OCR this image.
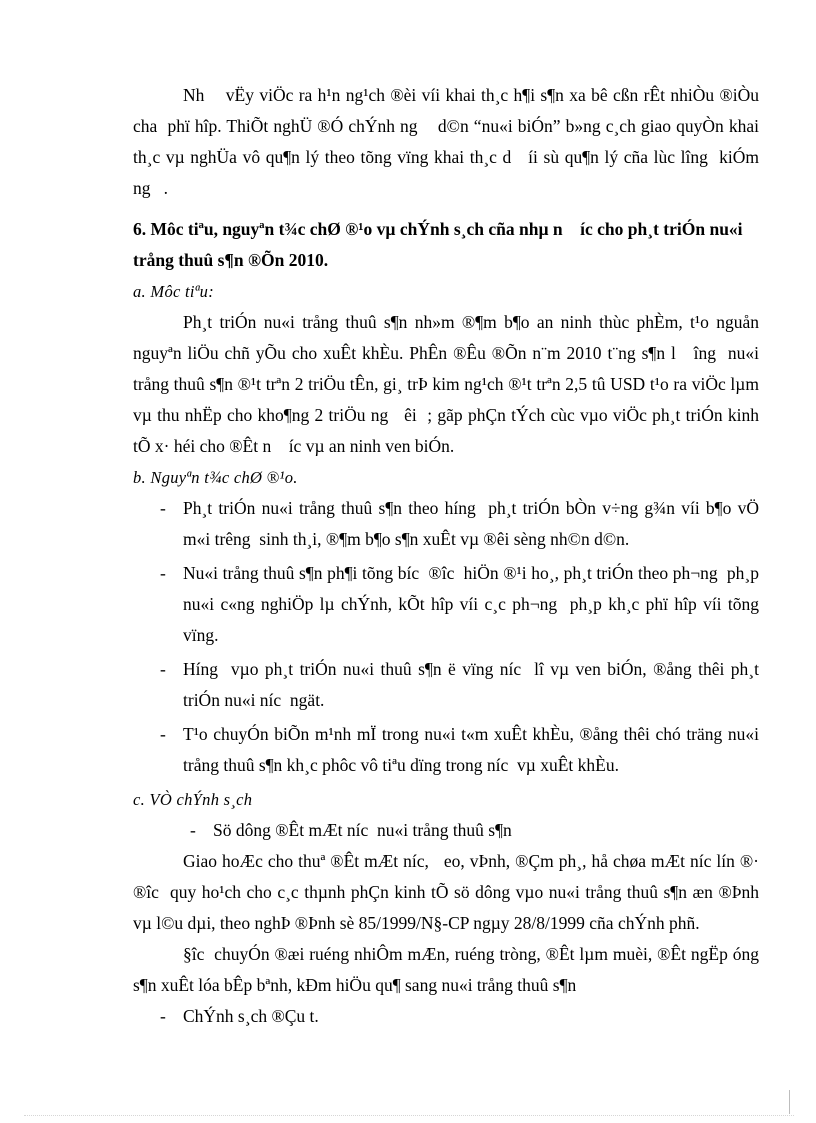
Nh    vËy viÖc ra h¹n ng¹ch ®èi víi khai th¸c h¶i s¶n xa bê cßn rÊt nhiÒu ®iÒu cha  phï hîp. ThiÕt nghÜ ®Ó chÝnh ng    d©n “nu«i biÓn” b»ng c¸ch giao quyÒn khai th¸c vµ nghÜa vô qu¶n lý theo tõng vïng khai th¸c d   íi sù qu¶n lý cña lùc lîng  kiÓm ng   .

6. Môc tiªu, nguyªn t¾c chØ ®¹o vµ chÝnh s¸ch cña nhµ n    íc cho ph¸t triÓn nu«i trång thuû s¶n ®Õn 2010.

a. Môc tiªu:

Ph¸t triÓn nu«i trång thuû s¶n nh»m ®¶m b¶o an ninh thùc phÈm, t¹o nguån nguyªn liÖu chñ yÕu cho xuÊt khÈu. PhÊn ®Êu ®Õn n¨m 2010 t¨ng s¶n l   îng  nu«i trång thuû s¶n ®¹t trªn 2 triÖu tÊn, gi¸ trÞ kim ng¹ch ®¹t trªn 2,5 tû USD t¹o ra viÖc lµm vµ thu nhËp cho kho¶ng 2 triÖu ng   êi  ; gãp phÇn tÝch cùc vµo viÖc ph¸t triÓn kinh tÕ x· héi cho ®Êt n    íc vµ an ninh ven biÓn.

b. Nguyªn t¾c chØ ®¹o.

- Ph¸t triÓn nu«i trång thuû s¶n theo híng  ph¸t triÓn bÒn v÷ng g¾n víi b¶o vÖ m«i trêng  sinh th¸i, ®¶m b¶o s¶n xuÊt vµ ®êi sèng nh©n d©n.
- Nu«i trång thuû s¶n ph¶i tõng bíc  ®îc  hiÖn ®¹i ho¸, ph¸t triÓn theo ph¬ng  ph¸p nu«i c«ng nghiÖp lµ chÝnh, kÕt hîp víi c¸c ph¬ng  ph¸p kh¸c phï hîp víi tõng vïng.
- Híng  vµo ph¸t triÓn nu«i thuû s¶n ë vïng níc  lî vµ ven biÓn, ®ång thêi ph¸t triÓn nu«i níc  ngät.
- T¹o chuyÓn biÕn m¹nh mÏ trong nu«i t«m xuÊt khÈu, ®ång thêi chó träng nu«i trång thuû s¶n kh¸c phôc vô tiªu dïng trong níc  vµ xuÊt khÈu.

c. VÒ chÝnh s¸ch

- Sö dông ®Êt mÆt níc  nu«i trång thuû s¶n

Giao hoÆc cho thuª ®Êt mÆt níc,   eo, vÞnh, ®Çm ph¸, hå chøa mÆt níc lín ®· ®îc  quy ho¹ch cho c¸c thµnh phÇn kinh tÕ sö dông vµo nu«i trång thuû s¶n æn ®Þnh vµ l©u dµi, theo nghÞ ®Þnh sè 85/1999/N§-CP ngµy 28/8/1999 cña chÝnh phñ.

§îc  chuyÓn ®æi ruéng nhiÔm mÆn, ruéng tròng, ®Êt lµm muèi, ®Êt ngËp óng s¶n xuÊt lóa bÊp bªnh, kÐm hiÖu qu¶ sang nu«i trång thuû s¶n

- ChÝnh s¸ch ®Çu t.
